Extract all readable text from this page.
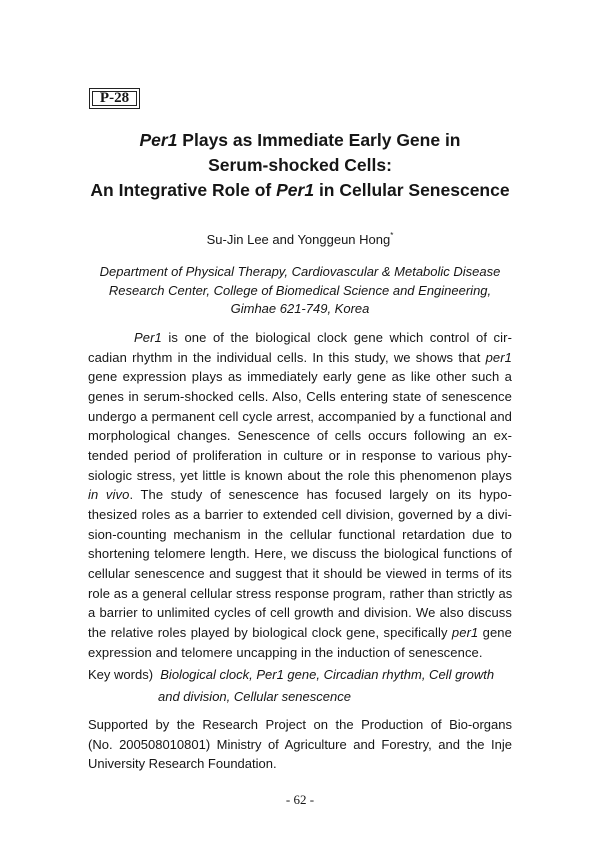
P-28
Per1 Plays as Immediate Early Gene in
Serum-shocked Cells:
An Integrative Role of Per1 in Cellular Senescence
Su-Jin Lee and Yonggeun Hong*
Department of Physical Therapy, Cardiovascular & Metabolic Disease
Research Center, College of Biomedical Science and Engineering,
Gimhae 621-749, Korea
Per1 is one of the biological clock gene which control of cir-
cadian rhythm in the individual cells. In this study, we shows that per1
gene expression plays as immediately early gene as like other such a
genes in serum-shocked cells. Also, Cells entering state of senescence
undergo a permanent cell cycle arrest, accompanied by a functional and
morphological changes. Senescence of cells occurs following an ex-
tended period of proliferation in culture or in response to various phy-
siologic stress, yet little is known about the role this phenomenon plays
in vivo. The study of senescence has focused largely on its hypo-
thesized roles as a barrier to extended cell division, governed by a divi-
sion-counting mechanism in the cellular functional retardation due to
shortening telomere length. Here, we discuss the biological functions of
cellular senescence and suggest that it should be viewed in terms of its
role as a general cellular stress response program, rather than strictly as
a barrier to unlimited cycles of cell growth and division. We also discuss
the relative roles played by biological clock gene, specifically per1 gene
expression and telomere uncapping in the induction of senescence.
Key words) Biological clock, Per1 gene, Circadian rhythm, Cell growth
and division, Cellular senescence
Supported by the Research Project on the Production of Bio-organs
(No. 200508010801) Ministry of Agriculture and Forestry, and the Inje
University Research Foundation.
- 62 -
